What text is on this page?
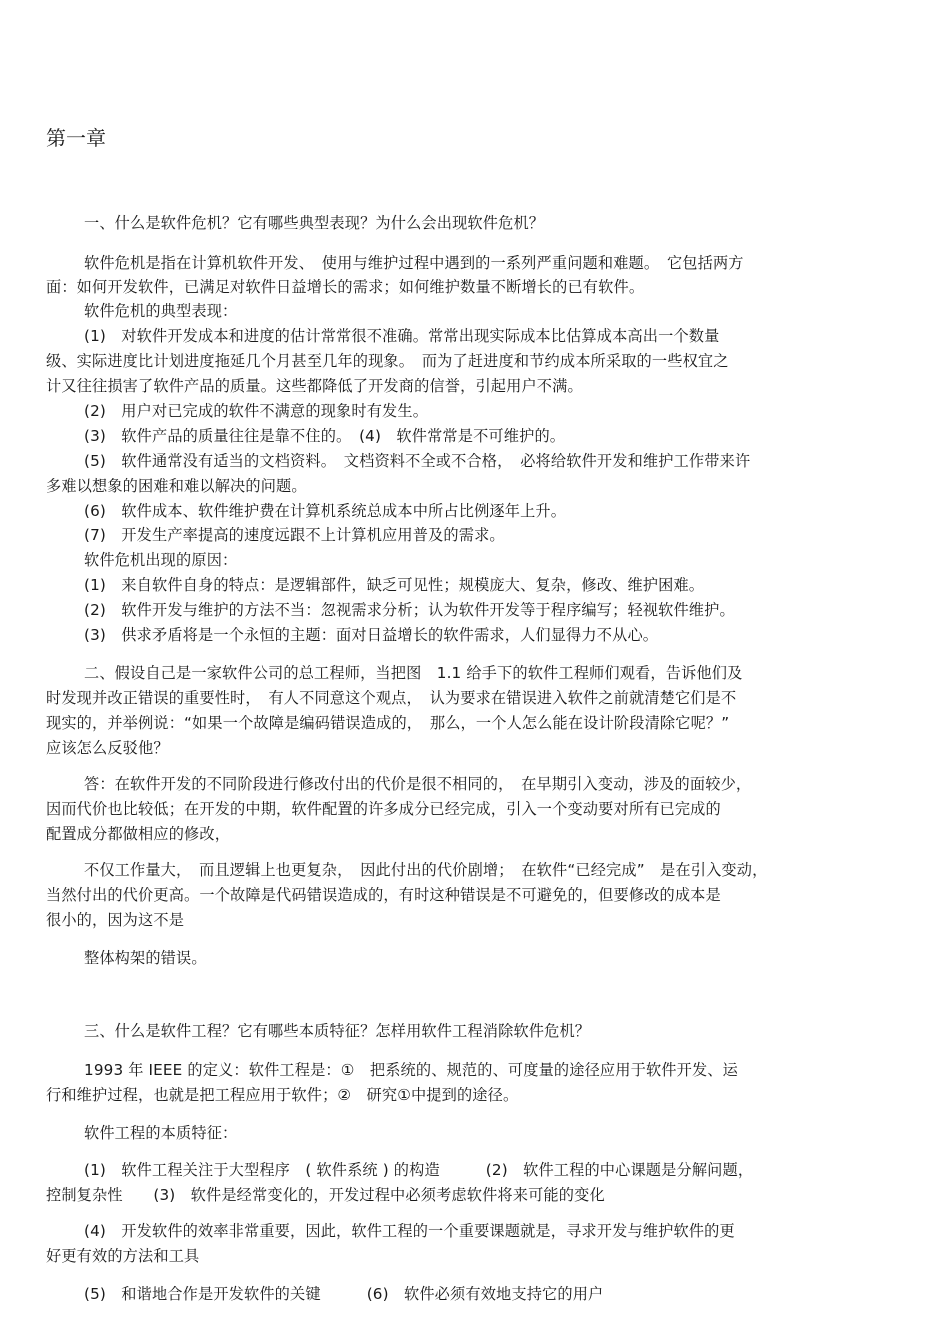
第一章
一、什么是软件危机？它有哪些典型表现？为什么会出现软件危机？
软件危机是指在计算机软件开发、　使用与维护过程中遇到的一系列严重问题和难题。　它包括两方
面：如何开发软件，已满足对软件日益增长的需求；如何维护数量不断增长的已有软件。
软件危机的典型表现：
(1)　对软件开发成本和进度的估计常常很不准确。常常出现实际成本比估算成本高出一个数量
级、实际进度比计划进度拖延几个月甚至几年的现象。　而为了赶进度和节约成本所采取的一些权宜之
计又往往损害了软件产品的质量。这些都降低了开发商的信誉，引起用户不满。
(2)　用户对已完成的软件不满意的现象时有发生。
(3)　软件产品的质量往往是靠不住的。　(4)　软件常常是不可维护的。
(5)　软件通常没有适当的文档资料。　文档资料不全或不合格，　必将给软件开发和维护工作带来许
多难以想象的困难和难以解决的问题。
(6)　软件成本、软件维护费在计算机系统总成本中所占比例逐年上升。
(7)　开发生产率提高的速度远跟不上计算机应用普及的需求。
软件危机出现的原因：
(1)　来自软件自身的特点：是逻辑部件，缺乏可见性；规模庞大、复杂，修改、维护困难。
(2)　软件开发与维护的方法不当：忽视需求分析；认为软件开发等于程序编写；轻视软件维护。
(3)　供求矛盾将是一个永恒的主题：面对日益增长的软件需求，人们显得力不从心。
二、假设自己是一家软件公司的总工程师，当把图　1.1 给手下的软件工程师们观看，告诉他们及
时发现并改正错误的重要性时，　有人不同意这个观点，　认为要求在错误进入软件之前就清楚它们是不
现实的，并举例说：“如果一个故障是编码错误造成的，　那么，一个人怎么能在设计阶段清除它呢？”
应该怎么反驳他？
答：在软件开发的不同阶段进行修改付出的代价是很不相同的，　在早期引入变动，涉及的面较少，
因而代价也比较低；在开发的中期，软件配置的许多成分已经完成，引入一个变动要对所有已完成的
配置成分都做相应的修改，
不仅工作量大，　而且逻辑上也更复杂，　因此付出的代价剧增；　在软件“已经完成”　是在引入变动，
当然付出的代价更高。一个故障是代码错误造成的，有时这种错误是不可避免的，但要修改的成本是
很小的，因为这不是
整体构架的错误。
三、什么是软件工程？它有哪些本质特征？怎样用软件工程消除软件危机？
1993 年 IEEE 的定义：软件工程是：①　把系统的、规范的、可度量的途径应用于软件开发、运
行和维护过程，也就是把工程应用于软件；②　研究①中提到的途径。
软件工程的本质特征：
(1)　软件工程关注于大型程序　( 软件系统 ) 的构造　　　(2)　软件工程的中心课题是分解问题，
控制复杂性　　(3)　软件是经常变化的，开发过程中必须考虑软件将来可能的变化
(4)　开发软件的效率非常重要，因此，软件工程的一个重要课题就是，寻求开发与维护软件的更
好更有效的方法和工具
(5)　和谐地合作是开发软件的关键　　　(6)　软件必须有效地支持它的用户
